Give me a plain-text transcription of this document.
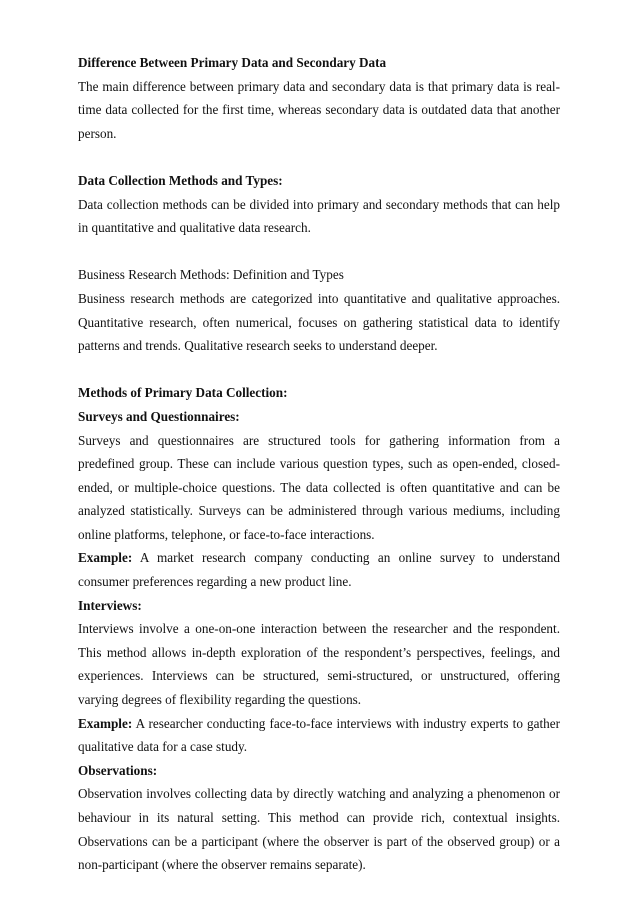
Difference Between Primary Data and Secondary Data

The main difference between primary data and secondary data is that primary data is real-time data collected for the first time, whereas secondary data is outdated data that another person.

Data Collection Methods and Types:

Data collection methods can be divided into primary and secondary methods that can help in quantitative and qualitative data research.

Business Research Methods: Definition and Types

Business research methods are categorized into quantitative and qualitative approaches. Quantitative research, often numerical, focuses on gathering statistical data to identify patterns and trends. Qualitative research seeks to understand deeper.

Methods of Primary Data Collection:

Surveys and Questionnaires:

Surveys and questionnaires are structured tools for gathering information from a predefined group. These can include various question types, such as open-ended, closed-ended, or multiple-choice questions. The data collected is often quantitative and can be analyzed statistically. Surveys can be administered through various mediums, including online platforms, telephone, or face-to-face interactions.

Example: A market research company conducting an online survey to understand consumer preferences regarding a new product line.

Interviews:

Interviews involve a one-on-one interaction between the researcher and the respondent. This method allows in-depth exploration of the respondent’s perspectives, feelings, and experiences. Interviews can be structured, semi-structured, or unstructured, offering varying degrees of flexibility regarding the questions.

Example: A researcher conducting face-to-face interviews with industry experts to gather qualitative data for a case study.

Observations:

Observation involves collecting data by directly watching and analyzing a phenomenon or behaviour in its natural setting. This method can provide rich, contextual insights. Observations can be a participant (where the observer is part of the observed group) or a non-participant (where the observer remains separate).
